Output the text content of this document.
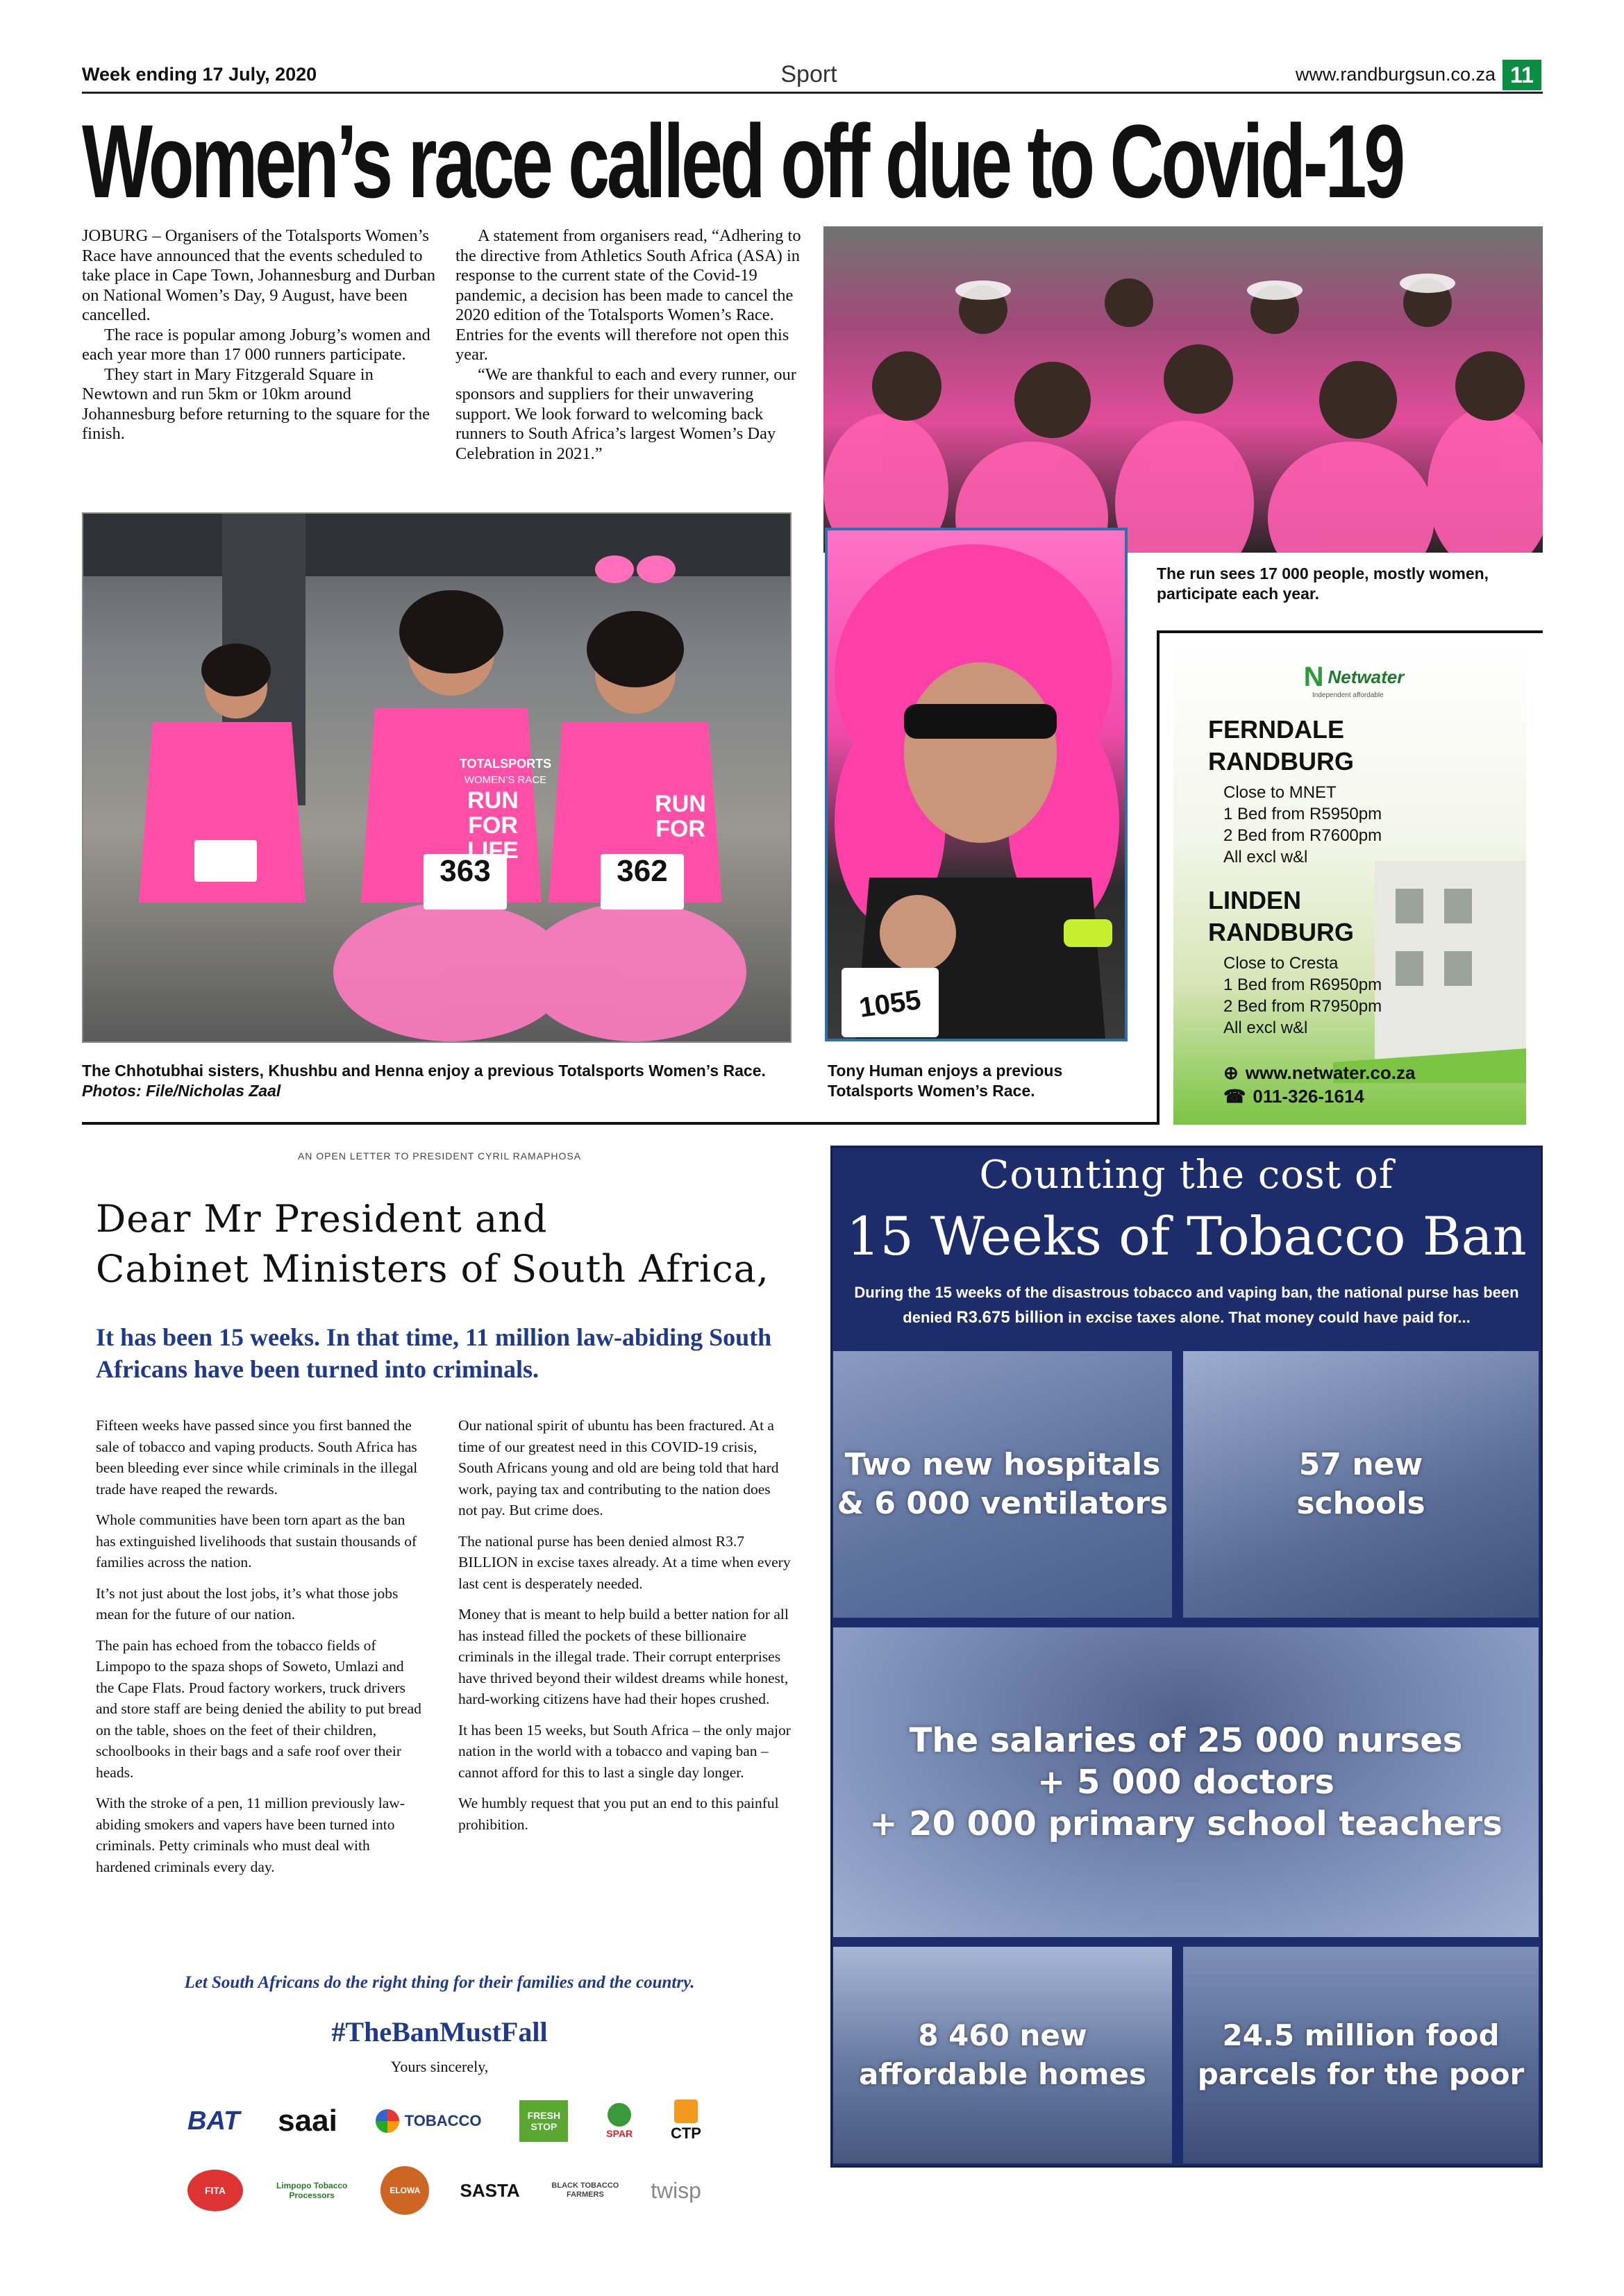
Week ending 17 July, 2020	Sport	www.randburgsun.co.za 11
Women’s race called off due to Covid-19

JOBURG – Organisers of the Totalsports Women’s Race have announced that the events scheduled to take place in Cape Town, Johannesburg and Durban on National Women’s Day, 9 August, have been cancelled.

The race is popular among Joburg’s women and each year more than 17 000 runners participate.

They start in Mary Fitzgerald Square in Newtown and run 5km or 10km around Johannesburg before returning to the square for the finish.

A statement from organisers read, “Adhering to the directive from Athletics South Africa (ASA) in response to the current state of the Covid-19 pandemic, a decision has been made to cancel the 2020 edition of the Totalsports Women’s Race. Entries for the events will therefore not open this year.

“We are thankful to each and every runner, our sponsors and suppliers for their unwavering support. We look forward to welcoming back runners to South Africa’s largest Women’s Day Celebration in 2021.”

363	362
TOTALSPORTS
WOMEN’S RACE
RUN FOR LIFE
RUN FOR
The Chhotubhai sisters, Khushbu and Henna enjoy a previous Totalsports Women’s Race. Photos: File/Nicholas Zaal
1055
Tony Human enjoys a previous Totalsports Women’s Race.
The run sees 17 000 people, mostly women, participate each year.
N Netwater
Independent affordable
FERNDALE
RANDBURG
Close to MNET
1 Bed from R5950pm
2 Bed from R7600pm
All excl w&l
LINDEN
RANDBURG
Close to Cresta
1 Bed from R6950pm
2 Bed from R7950pm
All excl w&l
⊕ www.netwater.co.za
☎ 011-326-1614
AN OPEN LETTER TO PRESIDENT CYRIL RAMAPHOSA
Dear Mr President and
Cabinet Ministers of South Africa,
It has been 15 weeks. In that time, 11 million law-abiding South Africans have been turned into criminals.

Fifteen weeks have passed since you first banned the sale of tobacco and vaping products. South Africa has been bleeding ever since while criminals in the illegal trade have reaped the rewards.

Whole communities have been torn apart as the ban has extinguished livelihoods that sustain thousands of families across the nation.

It’s not just about the lost jobs, it’s what those jobs mean for the future of our nation.

The pain has echoed from the tobacco fields of Limpopo to the spaza shops of Soweto, Umlazi and the Cape Flats. Proud factory workers, truck drivers and store staff are being denied the ability to put bread on the table, shoes on the feet of their children, schoolbooks in their bags and a safe roof over their heads.

With the stroke of a pen, 11 million previously law-abiding smokers and vapers have been turned into criminals. Petty criminals who must deal with hardened criminals every day.

Our national spirit of ubuntu has been fractured. At a time of our greatest need in this COVID-19 crisis, South Africans young and old are being told that hard work, paying tax and contributing to the nation does not pay. But crime does.

The national purse has been denied almost R3.7 BILLION in excise taxes already. At a time when every last cent is desperately needed.

Money that is meant to help build a better nation for all has instead filled the pockets of these billionaire criminals in the illegal trade. Their corrupt enterprises have thrived beyond their wildest dreams while honest, hard-working citizens have had their hopes crushed.

It has been 15 weeks, but South Africa – the only major nation in the world with a tobacco and vaping ban – cannot afford for this to last a single day longer.

We humbly request that you put an end to this painful prohibition.

Let South Africans do the right thing for their families and the country.
#TheBanMustFall
Yours sincerely,
BAT saai	TOBACCO	FRESH STOP
SPAR CTP
FITA	Limpopo Tobacco Processors	ELOWA	SASTA	BLACK TOBACCO FARMERS	twisp
Counting the cost of
15 Weeks of Tobacco Ban
During the 15 weeks of the disastrous tobacco and vaping ban, the national purse has been denied R3.675 billion in excise taxes alone. That money could have paid for...
Two new hospitals
& 6 000 ventilators
57 new
schools
The salaries of 25 000 nurses
+ 5 000 doctors
+ 20 000 primary school teachers
8 460 new
affordable homes
24.5 million food
parcels for the poor
